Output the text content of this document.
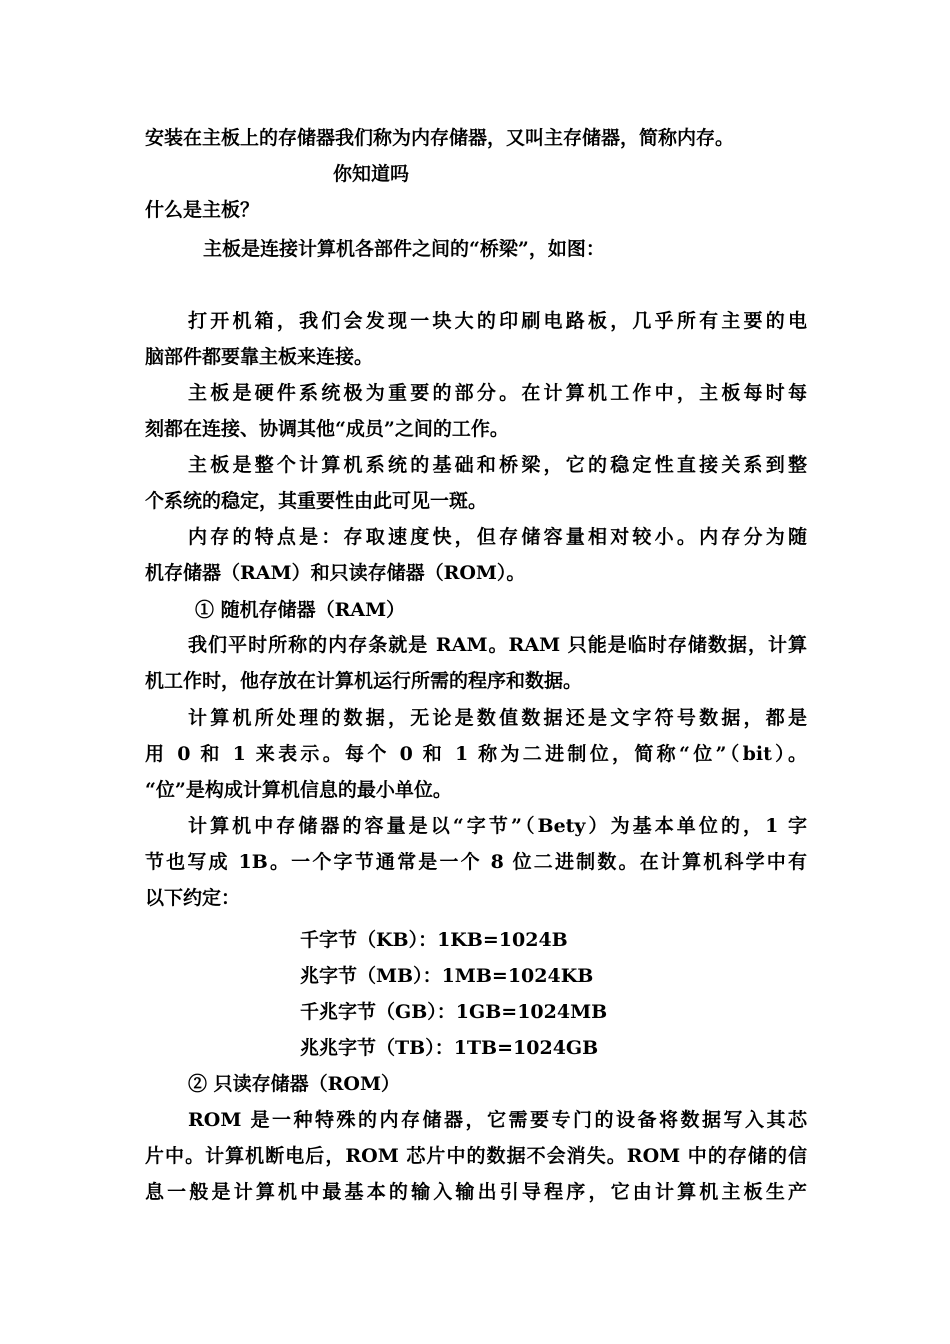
安装在主板上的存储器我们称为内存储器，又叫主存储器，简称内存。
你知道吗
什么是主板？
主板是连接计算机各部件之间的“桥梁”，如图：
打开机箱，我们会发现一块大的印刷电路板，几乎所有主要的电
脑部件都要靠主板来连接。
主板是硬件系统极为重要的部分。在计算机工作中，主板每时每
刻都在连接、协调其他“成员”之间的工作。
主板是整个计算机系统的基础和桥梁，它的稳定性直接关系到整
个系统的稳定，其重要性由此可见一斑。
内存的特点是：存取速度快，但存储容量相对较小。内存分为随
机存储器（RAM）和只读存储器（ROM）。
① 随机存储器（RAM）
我们平时所称的内存条就是 RAM。RAM 只能是临时存储数据，计算
机工作时，他存放在计算机运行所需的程序和数据。
计算机所处理的数据，无论是数值数据还是文字符号数据，都是
用 0 和 1 来表示。每个 0 和 1 称为二进制位，简称“位”（bit）。
“位”是构成计算机信息的最小单位。
计算机中存储器的容量是以“字节”（Bety）为基本单位的，1 字
节也写成 1B。一个字节通常是一个 8 位二进制数。在计算机科学中有
以下约定：
千字节（KB）：1KB=1024B
兆字节（MB）：1MB=1024KB
千兆字节（GB）：1GB=1024MB
兆兆字节（TB）：1TB=1024GB
② 只读存储器（ROM）
ROM 是一种特殊的内存储器，它需要专门的设备将数据写入其芯
片中。计算机断电后，ROM 芯片中的数据不会消失。ROM 中的存储的信
息一般是计算机中最基本的输入输出引导程序，它由计算机主板生产
